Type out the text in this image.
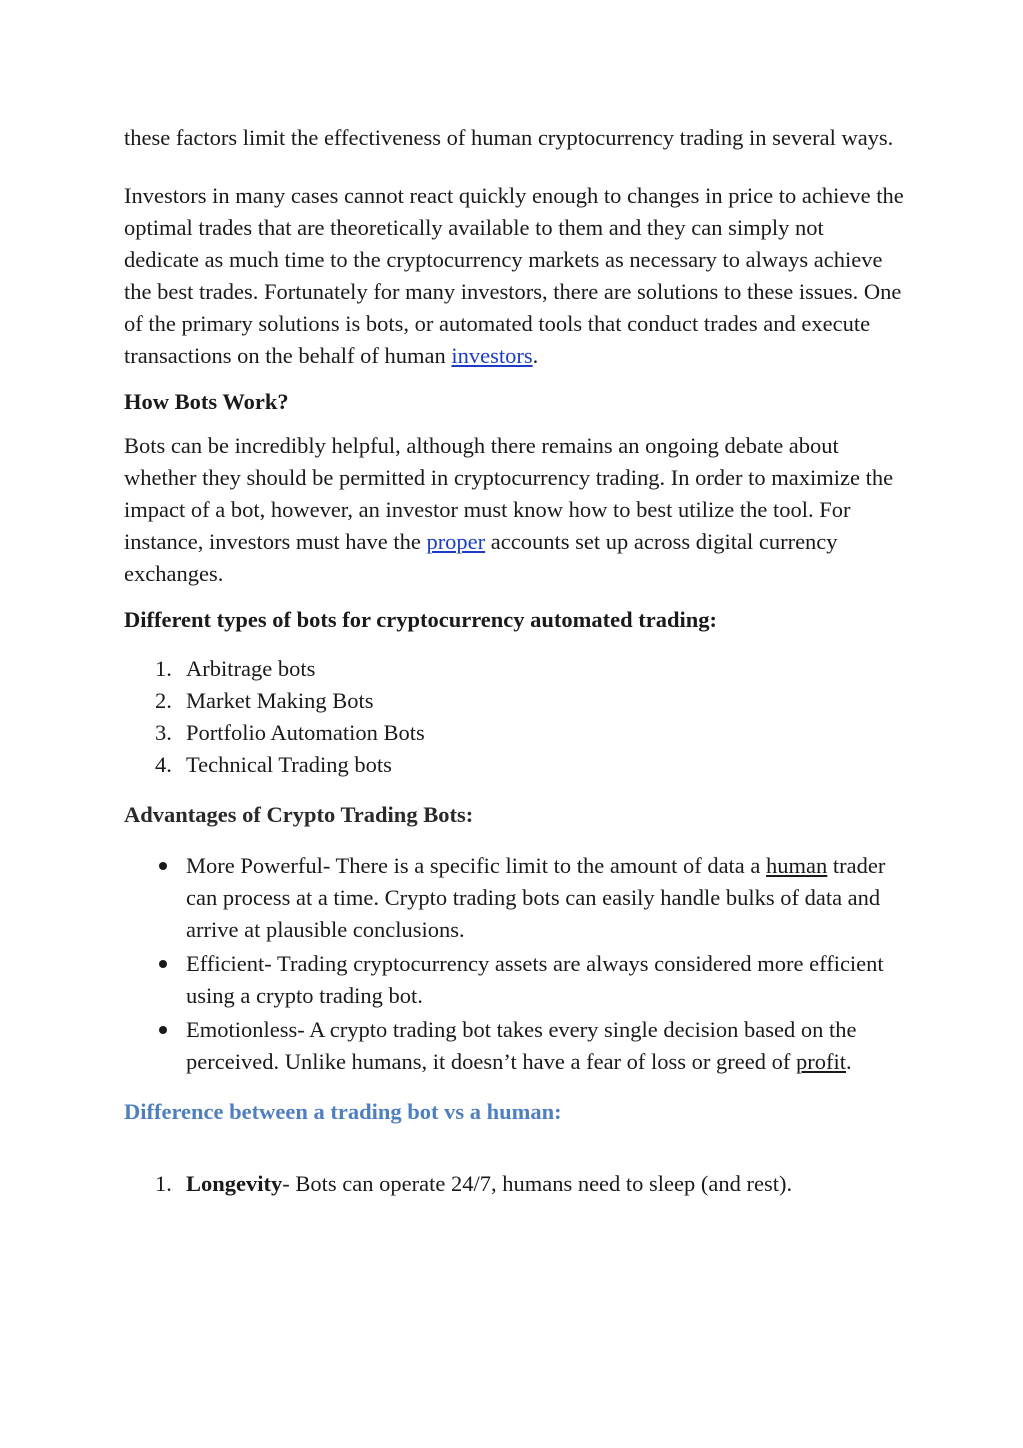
these factors limit the effectiveness of human cryptocurrency trading in several ways.

Investors in many cases cannot react quickly enough to changes in price to achieve the optimal trades that are theoretically available to them and they can simply not dedicate as much time to the cryptocurrency markets as necessary to always achieve the best trades. Fortunately for many investors, there are solutions to these issues. One of the primary solutions is bots, or automated tools that conduct trades and execute transactions on the behalf of human investors.

How Bots Work?

Bots can be incredibly helpful, although there remains an ongoing debate about whether they should be permitted in cryptocurrency trading. In order to maximize the impact of a bot, however, an investor must know how to best utilize the tool. For instance, investors must have the proper accounts set up across digital currency exchanges.

Different types of bots for cryptocurrency automated trading:

1. Arbitrage bots
2. Market Making Bots
3. Portfolio Automation Bots
4. Technical Trading bots

Advantages of Crypto Trading Bots:

More Powerful- There is a specific limit to the amount of data a human trader can process at a time. Crypto trading bots can easily handle bulks of data and arrive at plausible conclusions.
Efficient- Trading cryptocurrency assets are always considered more efficient using a crypto trading bot.
Emotionless- A crypto trading bot takes every single decision based on the perceived. Unlike humans, it doesn’t have a fear of loss or greed of profit.

Difference between a trading bot vs a human:

1. Longevity- Bots can operate 24/7, humans need to sleep (and rest).
